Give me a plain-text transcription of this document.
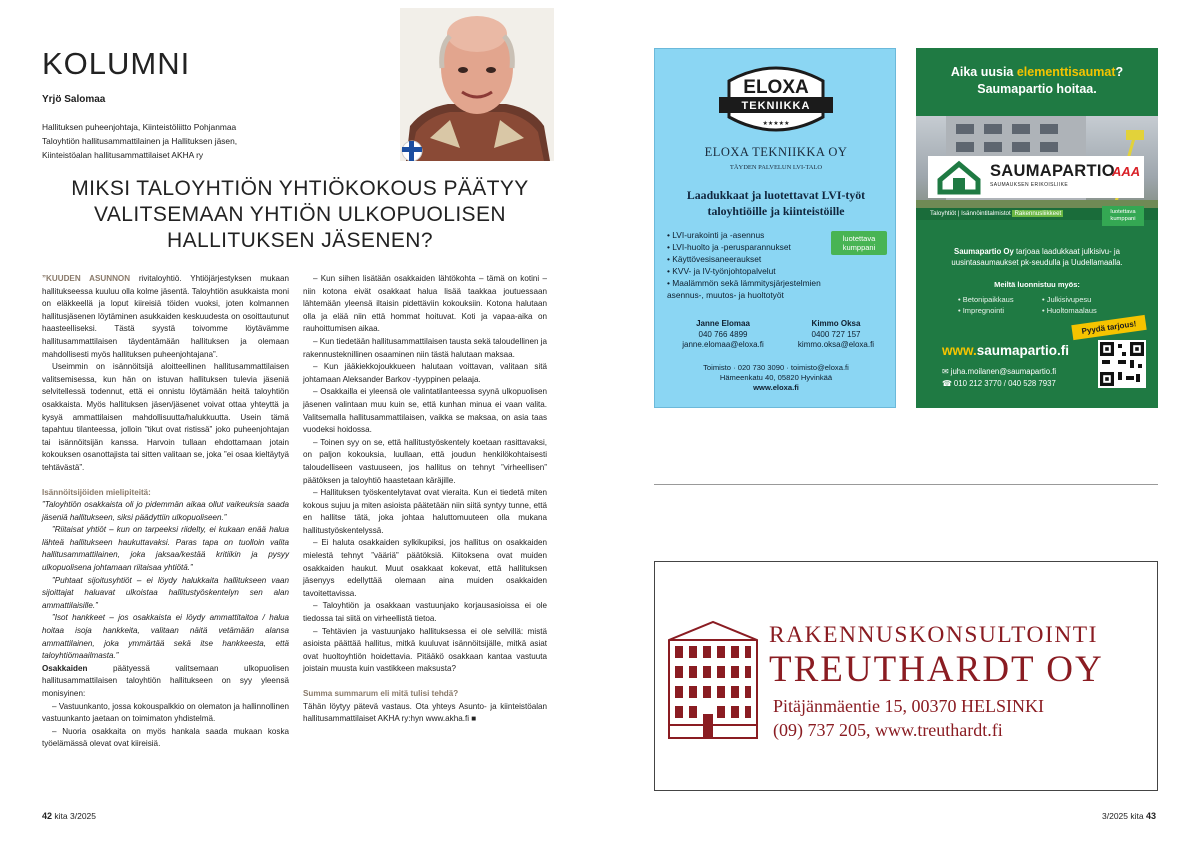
KOLUMNI
Yrjö Salomaa
Hallituksen puheenjohtaja, Kiinteistöliitto Pohjanmaa
Taloyhtiön hallitusammattilainen ja Hallituksen jäsen,
Kiinteistöalan hallitusammattilaiset AKHA ry
MIKSI TALOYHTIÖN YHTIÖKOKOUS PÄÄTYY
VALITSEMAAN YHTIÖN ULKOPUOLISEN
HALLITUKSEN JÄSENEN?

”KUUDEN ASUNNON rivitaloyhtiö. Yhtiöjärjestyksen mukaan hallitukseessa kuuluu olla kolme jäsentä. Taloyhtiön asukkaista moni on eläkkeellä ja loput kiireisiä töiden vuoksi, joten kolmannen hallitusjäsenen löytäminen asukkaiden keskuudesta on osoittautunut haasteelliseksi. Tästä syystä toivomme löytävämme hallitusammattilaisen täydentämään hallituksen ja olemaan mahdollisesti myös hallituksen puheenjohtajana”.

Useimmin on isännöitsijä aloitteellinen hallitusammattilaisen valitsemisessa, kun hän on istuvan hallituksen tulevia jäseniä selvitellessä todennut, että ei onnistu löytämään heitä taloyhtiön osakkaista. Myös hallituksen jäsen/jäsenet voivat ottaa yhteyttä ja kysyä ammattilaisen mahdollisuutta/halukkuutta. Usein tämä tapahtuu tilanteessa, jolloin ”tikut ovat ristissä” joko puheenjohtajan tai isännöitsijän kanssa. Harvoin tullaan ehdottamaan jotain kokouksen osanottajista tai sitten valitaan se, joka ”ei osaa kieltäytyä tehtävästä”.

Isännöitsijöiden mielipiteitä:

”Taloyhtiön osakkaista oli jo pidemmän aikaa ollut vaikeuksia saada jäseniä hallitukseen, siksi päädyttiin ulkopuoliseen.”

”Riitaisat yhtiöt – kun on tarpeeksi riidelty, ei kukaan enää halua lähteä hallitukseen haukuttavaksi. Paras tapa on tuolloin valita hallitusammattilainen, joka jaksaa/kestää kritiikin ja pysyy ulkopuolisena johtamaan riitaisaa yhtiötä.”

”Puhtaat sijoitusyhtiöt – ei löydy halukkaita hallitukseen vaan sijoittajat haluavat ulkoistaa hallitustyöskentelyn sen alan ammattilaisille.”

”Isot hankkeet – jos osakkaista ei löydy ammattitaitoa / halua hoitaa isoja hankkeita, valitaan näitä vetämään alansa ammattilainen, joka ymmärtää sekä itse hankkeesta, että taloyhtiömaailmasta.”

Osakkaiden päätyessä valitsemaan ulkopuolisen hallitusammattilaisen taloyhtiön hallitukseen on syy yleensä monisyinen:

– Vastuunkanto, jossa kokouspalkkio on olematon ja hallinnollinen vastuunkanto jaetaan on toimimaton yhdistelmä.

– Nuoria osakkaita on myös hankala saada mukaan koska työelämässä olevat ovat kiireisiä.

– Kun siihen lisätään osakkaiden lähtökohta – tämä on kotini – niin kotona eivät osakkaat halua lisää taakkaa joutuessaan lähtemään yleensä iltaisin pidettäviin kokouksiin. Kotona halutaan olla ja elää niin että hommat hoituvat. Koti ja vapaa-aika on rauhoittumisen aikaa.

– Kun tiedetään hallitusammattilaisen tausta sekä taloudellinen ja rakennusteknillinen osaaminen niin tästä halutaan maksaa.

– Kun jääkiekkojoukkueen halutaan voittavan, valitaan sitä johtamaan Aleksander Barkov -tyyppinen pelaaja.

– Osakkailla ei yleensä ole valintatilanteessa syynä ulkopuolisen jäsenen valintaan muu kuin se, että kunhan minua ei vaan valita. Valitsemalla hallitusammattilaisen, vaikka se maksaa, on asia taas vuodeksi hoidossa.

– Toinen syy on se, että hallitustyöskentely koetaan rasittavaksi, on paljon kokouksia, luullaan, että joudun henkilökohtaisesti taloudelliseen vastuuseen, jos hallitus on tehnyt ”virheellisen” päätöksen ja taloyhtiö haastetaan käräjille.

– Hallituksen työskentelytavat ovat vieraita. Kun ei tiedetä miten kokous sujuu ja miten asioista päätetään niin siitä syntyy tunne, että en hallitse tätä, joka johtaa haluttomuuteen olla mukana hallitustyöskentelyssä.

– Ei haluta osakkaiden sylkikupiksi, jos hallitus on osakkaiden mielestä tehnyt ”vääriä” päätöksiä. Kiitoksena ovat muiden osakkaiden haukut. Muut osakkaat kokevat, että hallituksen jäsenyys edellyttää olemaan aina muiden osakkaiden tavoitettavissa.

– Taloyhtiön ja osakkaan vastuunjako korjausasioissa ei ole tiedossa tai siitä on virheellistä tietoa.

– Tehtävien ja vastuunjako hallituksessa ei ole selvillä: mistä asioista päättää hallitus, mitkä kuuluvat isännöitsijälle, mitkä asiat ovat huoltoyhtiön hoidettavia. Pitääkö osakkaan kantaa vastuuta joistain muusta kuin vastikkeen maksusta?

Summa summarum eli mitä tulisi tehdä?

Tähän löytyy pätevä vastaus. Ota yhteys Asunto- ja kiinteistöalan hallitusammattilaiset AKHA ry:hyn www.akha.fi ■

42 kita 3/2025	3/2025 kita 43
ELOXA
TEKNIIKKA
★★★★★
ELOXA TEKNIIKKA OY
TÄYDEN PALVELUN LVI-TALO
Laadukkaat ja luotettavat LVI-työt
taloyhtiöille ja kiinteistöille
• LVI-urakointi ja -asennus
• LVI-huolto ja -perusparannukset
• Käyttövesisaneeraukset
• KVV- ja IV-työnjohtopalvelut
• Maalämmön sekä lämmitysjärjestelmien asennus-, muutos- ja huoltotyöt
luotettava
kumppani
Janne Elomaa
040 766 4899
janne.elomaa@eloxa.fi
Kimmo Oksa
0400 727 157
kimmo.oksa@eloxa.fi
Toimisto · 020 730 3090 · toimisto@eloxa.fi
Hämeenkatu 40, 05820 Hyvinkää
www.eloxa.fi
Aika uusia elementtisaumat?
Saumapartio hoitaa.
SAUMAPARTIO
SAUMAUKSEN ERIKOISLIIKE
AAA
Taloyhtiöt | Isännöintitalmistot Rakennusliikkeet	luotettava
kumppani
Saumapartio Oy tarjoaa laadukkaat julkisivu- ja uusintasaumaukset pk-seudulla ja Uudellamaalla.
Meiltä luonnistuu myös:
• Betonipaikkaus	• Julkisivupesu
• Impregnointi	• Huoltomaalaus
Pyydä tarjous!
www.saumapartio.fi
✉ juha.moilanen@saumapartio.fi
☎ 010 212 3770 / 040 528 7937
RAKENNUSKONSULTOINTI
TREUTHARDT OY
Pitäjänmäentie 15, 00370 HELSINKI
(09) 737 205, www.treuthardt.fi
